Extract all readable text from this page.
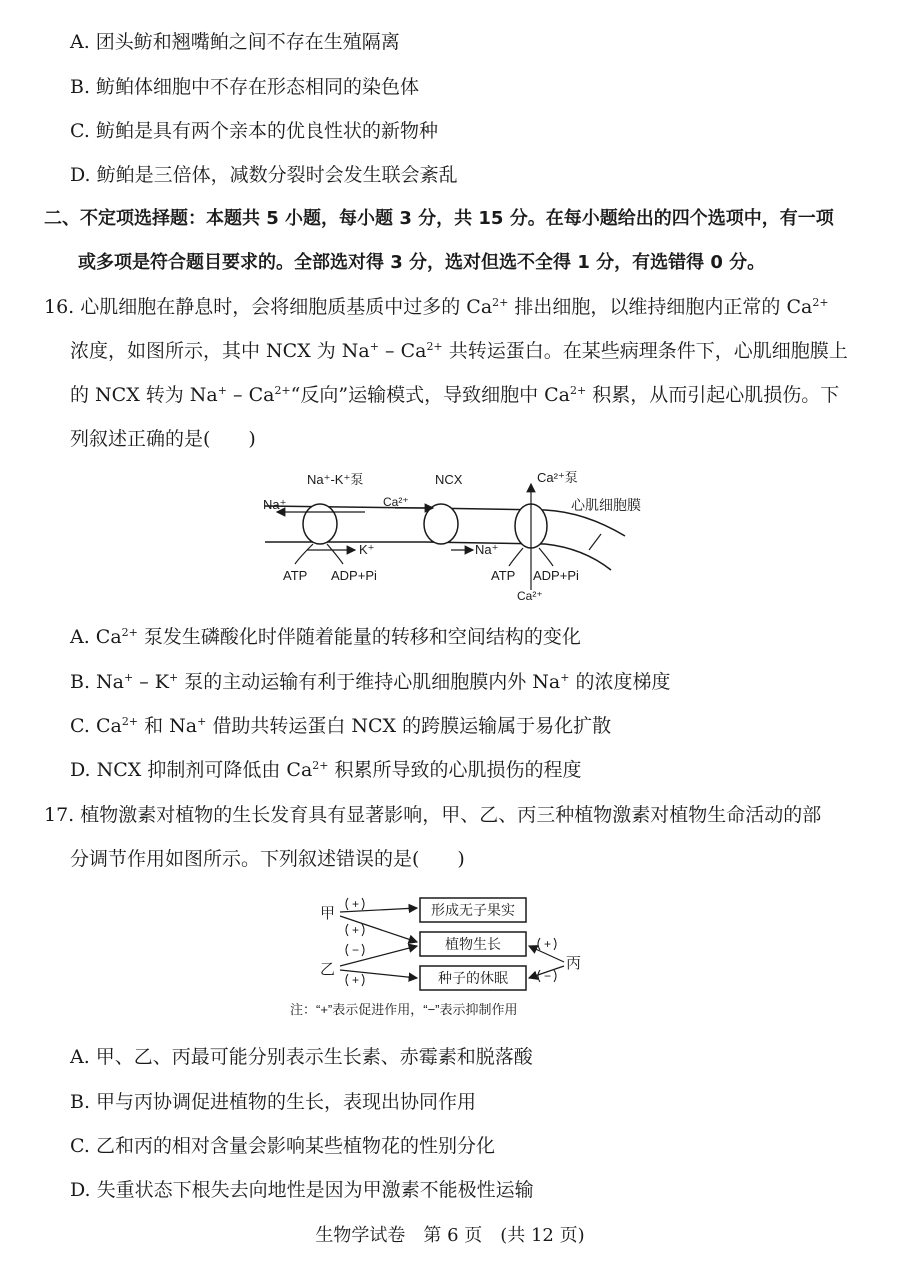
A. 团头鲂和翘嘴鲌之间不存在生殖隔离
B. 鲂鲌体细胞中不存在形态相同的染色体
C. 鲂鲌是具有两个亲本的优良性状的新物种
D. 鲂鲌是三倍体，减数分裂时会发生联会紊乱
二、不定项选择题：本题共 5 小题，每小题 3 分，共 15 分。在每小题给出的四个选项中，有一项
或多项是符合题目要求的。全部选对得 3 分，选对但选不全得 1 分，有选错得 0 分。
16. 心肌细胞在静息时，会将细胞质基质中过多的 $Ca^{2+}$ 排出细胞，以维持细胞内正常的 $Ca^{2+}$
浓度，如图所示，其中 NCX 为 $Na^+ - Ca^{2+}$ 共转运蛋白。在某些病理条件下，心肌细胞膜上
的 NCX 转为 $Na^+ - Ca^{2+}“$反向”运输模式，导致细胞中 $Ca^{2+}$ 积累，从而引起心肌损伤。下
列叙述正确的是(　　)
Na⁺-K⁺泵	NCX	Ca²⁺泵
心肌细胞膜
Na⁺	Ca²⁺
K⁺	Na⁺
ATP ADP+Pi	ATP ADP+Pi
Ca²⁺
A. $Ca^{2+}$ 泵发生磷酸化时伴随着能量的转移和空间结构的变化
B. Na+ – K+ 泵的主动运输有利于维持心肌细胞膜内外 Na+ 的浓度梯度
C. $Ca^{2+}$ 和 Na+ 借助共转运蛋白 NCX 的跨膜运输属于易化扩散
D. NCX 抑制剂可降低由 $Ca^{2+}$ 积累所导致的心肌损伤的程度
17. 植物激素对植物的生长发育具有显著影响，甲、乙、丙三种植物激素对植物生命活动的部
分调节作用如图所示。下列叙述错误的是(　　)
甲
乙	丙
+
+
−
+
+
−
形成无子果实
植物生长
种子的休眠
注：“+”表示促进作用，“−”表示抑制作用
A. 甲、乙、丙最可能分别表示生长素、赤霉素和脱落酸
B. 甲与丙协调促进植物的生长，表现出协同作用
C. 乙和丙的相对含量会影响某些植物花的性别分化
D. 失重状态下根失去向地性是因为甲激素不能极性运输
生物学试卷　第 6 页　(共 12 页)
